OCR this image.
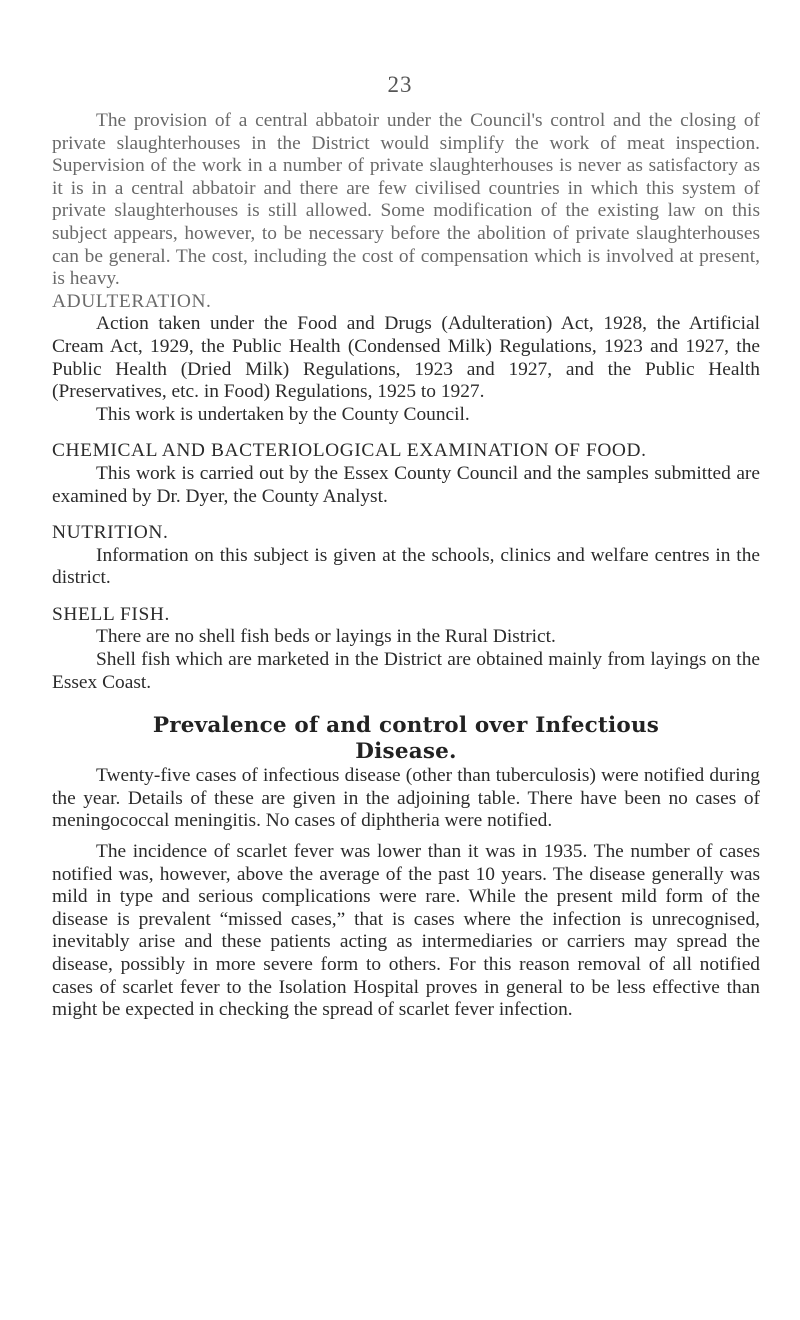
23

The provision of a central abbatoir under the Council's control and the closing of private slaughterhouses in the District would simplify the work of meat inspection. Supervision of the work in a number of private slaughterhouses is never as satisfactory as it is in a central abbatoir and there are few civilised countries in which this system of private slaughterhouses is still allowed. Some modification of the existing law on this subject appears, however, to be necessary before the abolition of private slaughterhouses can be general. The cost, including the cost of compensation which is involved at present, is heavy.

ADULTERATION.

Action taken under the Food and Drugs (Adulteration) Act, 1928, the Artificial Cream Act, 1929, the Public Health (Condensed Milk) Regulations, 1923 and 1927, the Public Health (Dried Milk) Regulations, 1923 and 1927, and the Public Health (Preservatives, etc. in Food) Regulations, 1925 to 1927.

This work is undertaken by the County Council.

CHEMICAL AND BACTERIOLOGICAL EXAMINATION OF FOOD.

This work is carried out by the Essex County Council and the samples submitted are examined by Dr. Dyer, the County Analyst.

NUTRITION.

Information on this subject is given at the schools, clinics and welfare centres in the district.

SHELL FISH.

There are no shell fish beds or layings in the Rural District.

Shell fish which are marketed in the District are obtained mainly from layings on the Essex Coast.

Prevalence of and control over Infectious
Disease.

Twenty-five cases of infectious disease (other than tuberculosis) were notified during the year. Details of these are given in the adjoining table. There have been no cases of meningococcal meningitis. No cases of diphtheria were notified.

The incidence of scarlet fever was lower than it was in 1935. The number of cases notified was, however, above the average of the past 10 years. The disease generally was mild in type and serious complications were rare. While the present mild form of the disease is prevalent “missed cases,” that is cases where the infection is unrecognised, inevitably arise and these patients acting as intermediaries or carriers may spread the disease, possibly in more severe form to others. For this reason removal of all notified cases of scarlet fever to the Isolation Hospital proves in general to be less effective than might be expected in checking the spread of scarlet fever infection.
